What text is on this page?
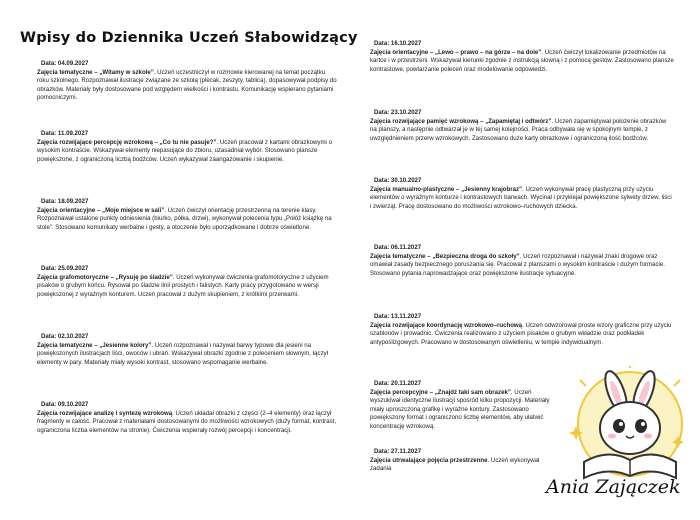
Wpisy do Dziennika Uczeń Słabowidzący
Data: 04.09.2027
Zajęcia tematyczne – „Witamy w szkole”. Uczeń uczestniczył w rozmowie kierowanej na temat początku roku szkolnego. Rozpoznawał ilustracje związane ze szkołą (plecak, zeszyty, tablica), dopasowywał podpisy do obrazków. Materiały były dostosowane pod względem wielkości i kontrastu. Komunikację wspierano pytaniami pomocniczymi.
Data: 11.09.2027
Zajęcia rozwijające percepcję wzrokową – „Co tu nie pasuje?”. Uczeń pracował z kartami obrazkowymi o wysokim kontraście. Wskazywał elementy niepasujące do zbioru, uzasadniał wybór. Stosowano plansze powiększone, z ograniczoną liczbą bodźców. Uczeń wykazywał zaangażowanie i skupienie.
Data: 18.09.2027
Zajęcia orientacyjne – „Moje miejsce w sali”. Uczeń ćwiczył orientację przestrzenną na terenie klasy. Rozpoznawał ustalone punkty odniesienia (biurko, półka, drzwi), wykonywał polecenia typu „Połóż książkę na stole”. Stosowano komunikaty werbalne i gesty, a otoczenie było uporządkowane i dobrze oświetlone.
Data: 25.09.2027
Zajęcia grafomotoryczne – „Rysuję po śladzie”. Uczeń wykonywał ćwiczenia grafomotoryczne z użyciem pisaków o grubym końcu. Rysował po śladzie linii prostych i falistych. Karty pracy przygotowano w wersji powiększonej z wyraźnym konturem. Uczeń pracował z dużym skupieniem, z krótkimi przerwami.
Data: 02.10.2027
Zajęcia tematyczne – „Jesienne kolory”. Uczeń rozpoznawał i nazywał barwy typowe dla jesieni na powiększonych ilustracjach liści, owoców i ubrań. Wskazywał obrazki zgodnie z poleceniem słownym, łączył elementy w pary. Materiały miały wysoki kontrast, stosowano wspomaganie werbalne.
Data: 09.10.2027
Zajęcia rozwijające analizę i syntezę wzrokową. Uczeń układał obrazki z części (2–4 elementy) oraz łączył fragmenty w całość. Pracował z materiałami dostosowanymi do możliwości wzrokowych (duży format, kontrast, ograniczona liczba elementów na stronie). Ćwiczenia wspierały rozwój percepcji i koncentracji.
Data: 16.10.2027
Zajęcia orientacyjne – „Lewo – prawo – na górze – na dole”. Uczeń ćwiczył lokalizowanie przedmiotów na kartce i w przestrzeni. Wskazywał kierunki zgodnie z instrukcją słowną i z pomocą gestów. Zastosowano plansze kontrastowe, powtarzanie poleceń oraz modelowanie odpowiedzi.
Data: 23.10.2027
Zajęcia rozwijające pamięć wzrokową – „Zapamiętaj i odtwórz”. Uczeń zapamiętywał położenie obrazków na planszy, a następnie odtwarzał je w tej samej kolejności. Praca odbywała się w spokojnym tempie, z uwzględnieniem przerw wzrokowych. Zastosowano duże karty obrazkowe i ograniczoną ilość bodźców.
Data: 30.10.2027
Zajęcia manualno-plastyczne – „Jesienny krajobraz”. Uczeń wykonywał pracę plastyczną przy użyciu elementów o wyraźnym konturze i kontrastowych barwach. Wycinał i przyklejał powiększone sylwety drzew, liści i zwierząt. Pracę dostosowano do możliwości wzrokowo–ruchowych dziecka.
Data: 06.11.2027
Zajęcia tematyczne – „Bezpieczna droga do szkoły”. Uczeń rozpoznawał i nazywał znaki drogowe oraz omawiał zasady bezpiecznego poruszania się. Pracował z planszami o wysokim kontraście i dużym formacie. Stosowano pytania naprowadzające oraz powiększone ilustracje sytuacyjne.
Data: 13.11.2027
Zajęcia rozwijające koordynację wzrokowo–ruchową. Uczeń odwzorował proste wzory graficzne przy użyciu szablonów i prowadnic. Ćwiczenia realizowano z użyciem pisaków o grubym wkładzie oraz podkładek antypoślizgowych. Pracowano w dostosowanym oświetleniu, w tempie indywidualnym.
Data: 20.11.2027
Zajęcia percepcyjne – „Znajdź taki sam obrazek”. Uczeń wyszukiwał identyczne ilustracji spośród kilku propozycji. Materiały miały uproszczoną grafikę i wyraźne kontury. Zastosowano powiększony format i ograniczono liczbę elementów, aby ułatwić koncentrację wzrokową.
Data: 27.11.2027
Zajęcia utrwalające pojęcia przestrzenne. Uczeń wykonywał zadania
Ania Zajączek
